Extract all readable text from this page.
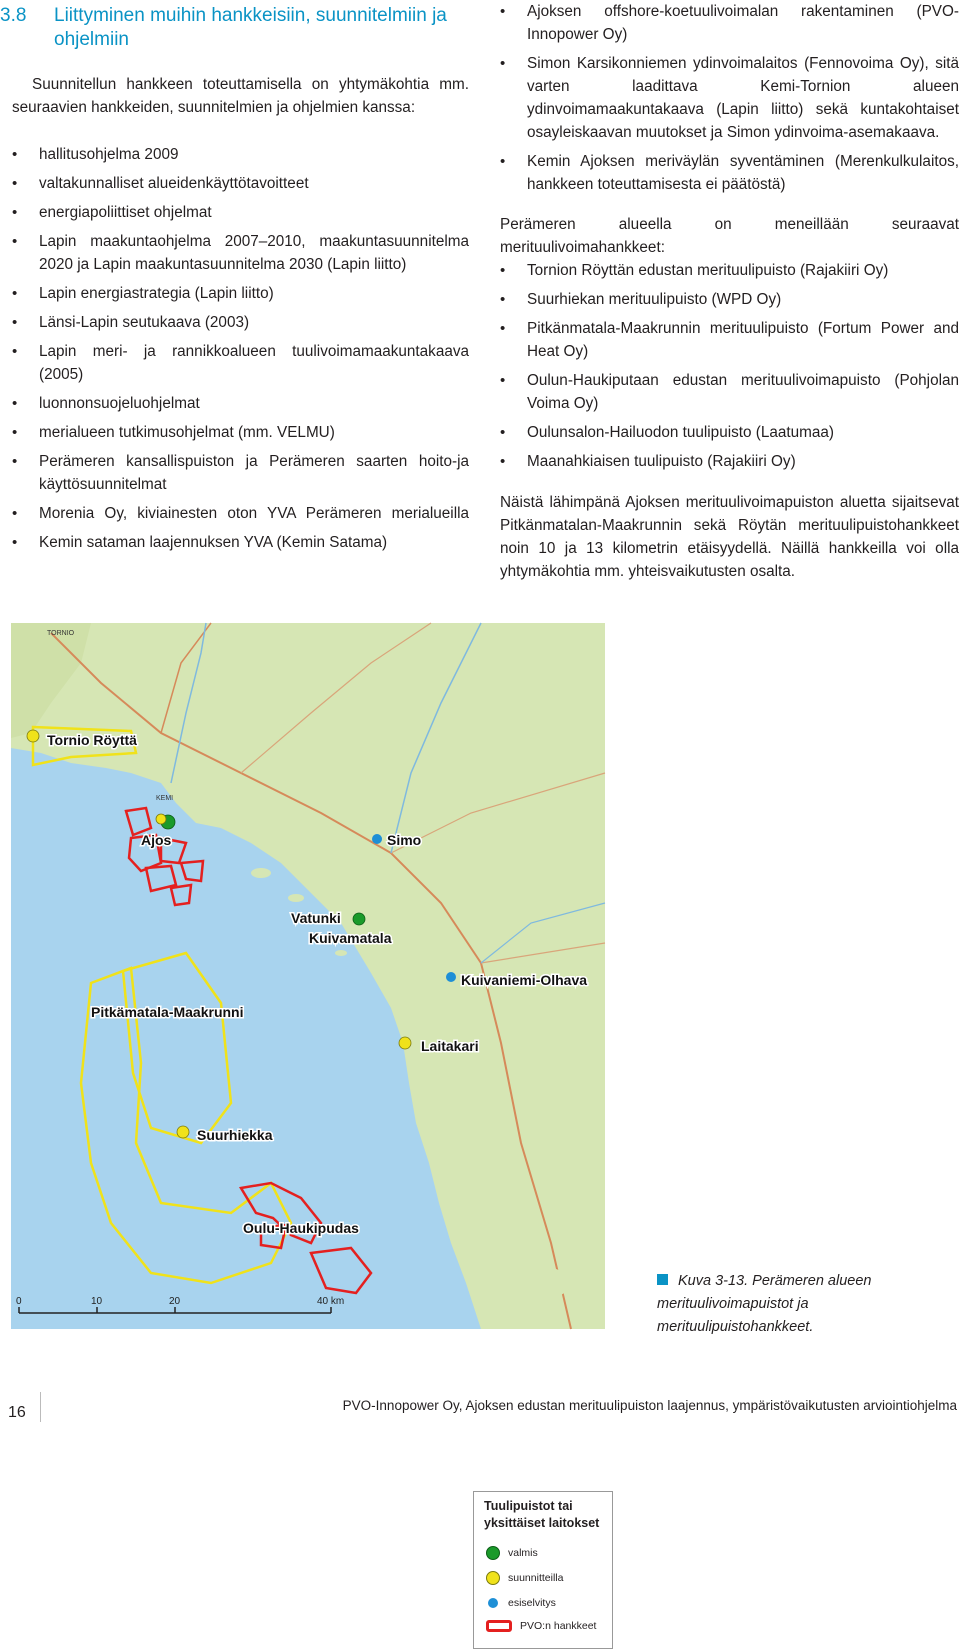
3.8 Liittyminen muihin hankkeisiin, suunnitelmiin ja ohjelmiin

Suunnitellun hankkeen toteuttamisella on yhtymäkohtia mm. seuraavien hankkeiden, suunnitelmien ja ohjelmien kanssa:

• hallitusohjelma 2009
• valtakunnalliset alueidenkäyttötavoitteet
• energiapoliittiset ohjelmat
• Lapin maakuntaohjelma 2007–2010, maakuntasuunnitelma 2020 ja Lapin maakuntasuunnitelma 2030 (Lapin liitto)
• Lapin energiastrategia (Lapin liitto)
• Länsi-Lapin seutukaava (2003)
• Lapin meri- ja rannikkoalueen tuulivoimamaakuntakaava (2005)
• luonnonsuojeluohjelmat
• merialueen tutkimusohjelmat (mm. VELMU)
• Perämeren kansallispuiston ja Perämeren saarten hoito-ja käyttösuunnitelmat
• Morenia Oy, kiviainesten oton YVA Perämeren merialueilla
• Kemin sataman laajennuksen YVA (Kemin Satama)
• Ajoksen offshore-koetuulivoimalan rakentaminen (PVO-Innopower Oy)
• Simon Karsikonniemen ydinvoimalaitos (Fennovoima Oy), sitä varten laadittava Kemi-Tornion alueen ydinvoimamaakuntakaava (Lapin liitto) sekä kuntakohtaiset osayleiskaavan muutokset ja Simon ydinvoima-asemakaava.
• Kemin Ajoksen meriväylän syventäminen (Merenkulkulaitos, hankkeen toteuttamisesta ei päätöstä)

Perämeren alueella on meneillään seuraavat merituulivoimahankkeet:

• Tornion Röyttän edustan merituulipuisto (Rajakiiri Oy)
• Suurhiekan merituulipuisto (WPD Oy)
• Pitkänmatala-Maakrunnin merituulipuisto (Fortum Power and Heat Oy)
• Oulun-Haukiputaan edustan merituulivoimapuisto (Pohjolan Voima Oy)
• Oulunsalon-Hailuodon tuulipuisto (Laatumaa)
• Maanahkiaisen tuulipuisto (Rajakiiri Oy)

Näistä lähimpänä Ajoksen merituulivoimapuiston aluetta sijaitsevat Pitkänmatalan-Maakrunnin sekä Röytän merituulipuistohankkeet noin 10 ja 13 kilometrin etäisyydellä. Näillä hankkeilla voi olla yhtymäkohtia mm. yhteisvaikutusten osalta.

TORNIO
KEMI
Tornio Röyttä
Ajos	Simo
Vatunki
Kuivamatala
Kuivaniemi-Olhava
Pitkämatala-Maakrunni
Laitakari
Suurhiekka
Oulu-Haukipudas
0	10	20	40 km
Tuulipuistot tai yksittäiset laitokset
valmis
suunnitteilla
esiselvitys
PVO:n hankkeet
Kuva 3-13. Perämeren alueen merituulivoimapuistot ja merituulipuistohankkeet.
16	PVO-Innopower Oy, Ajoksen edustan merituulipuiston laajennus, ympäristövaikutusten arviointiohjelma
